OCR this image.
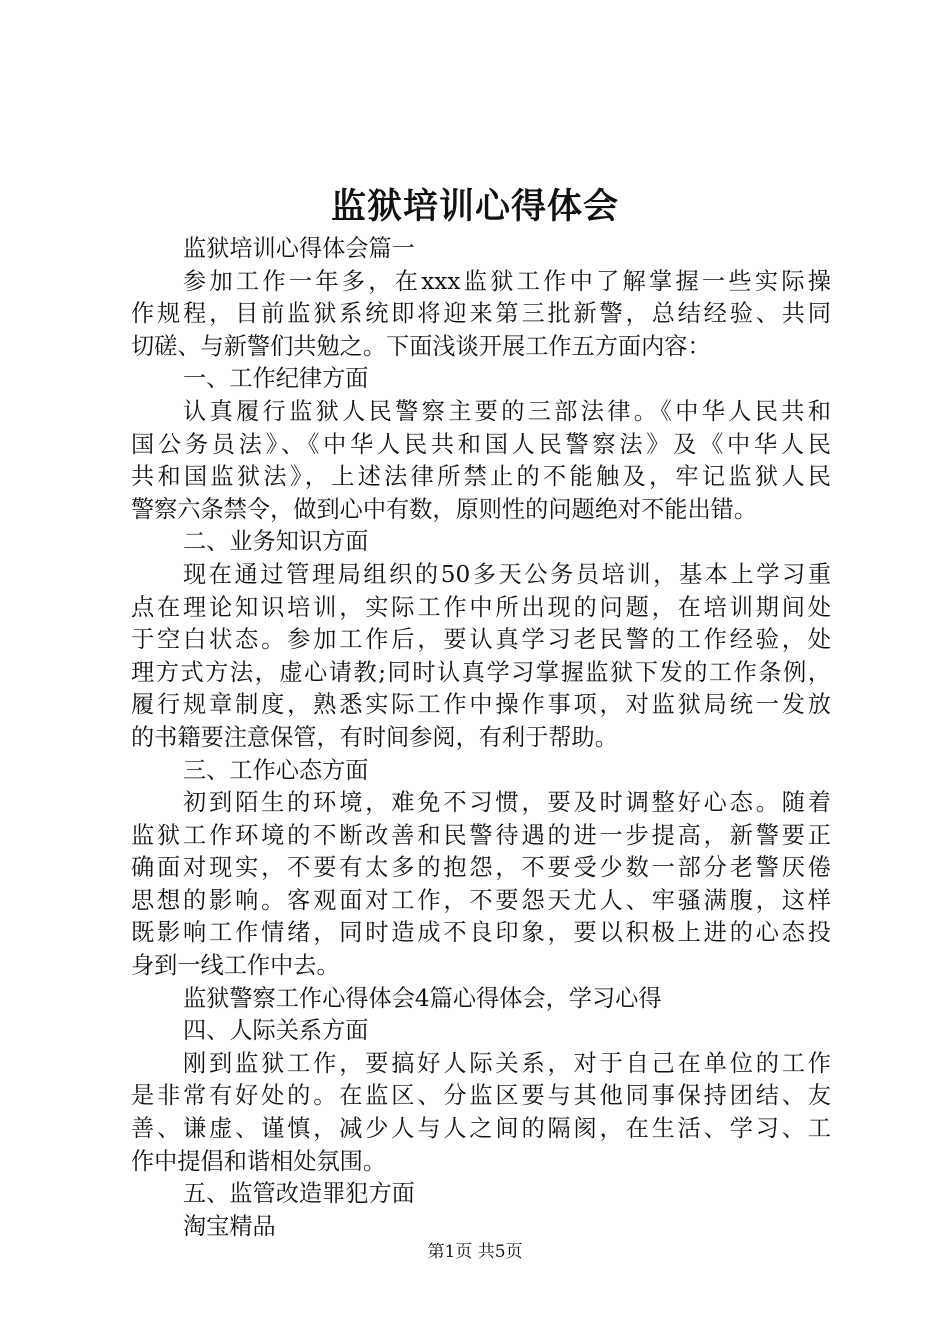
监狱培训心得体会
监狱培训心得体会篇一
参加工作一年多，在xxx监狱工作中了解掌握一些实际操
作规程，目前监狱系统即将迎来第三批新警，总结经验、共同
切磋、与新警们共勉之。下面浅谈开展工作五方面内容：
一、工作纪律方面
认真履行监狱人民警察主要的三部法律。《中华人民共和
国公务员法》、《中华人民共和国人民警察法》及《中华人民
共和国监狱法》，上述法律所禁止的不能触及，牢记监狱人民
警察六条禁令，做到心中有数，原则性的问题绝对不能出错。
二、业务知识方面
现在通过管理局组织的50多天公务员培训，基本上学习重
点在理论知识培训，实际工作中所出现的问题，在培训期间处
于空白状态。参加工作后，要认真学习老民警的工作经验，处
理方式方法，虚心请教;同时认真学习掌握监狱下发的工作条例，
履行规章制度，熟悉实际工作中操作事项，对监狱局统一发放
的书籍要注意保管，有时间参阅，有利于帮助。
三、工作心态方面
初到陌生的环境，难免不习惯，要及时调整好心态。随着
监狱工作环境的不断改善和民警待遇的进一步提高，新警要正
确面对现实，不要有太多的抱怨，不要受少数一部分老警厌倦
思想的影响。客观面对工作，不要怨天尤人、牢骚满腹，这样
既影响工作情绪，同时造成不良印象，要以积极上进的心态投
身到一线工作中去。
监狱警察工作心得体会4篇心得体会，学习心得
四、人际关系方面
刚到监狱工作，要搞好人际关系，对于自己在单位的工作
是非常有好处的。在监区、分监区要与其他同事保持团结、友
善、谦虚、谨慎，减少人与人之间的隔阂，在生活、学习、工
作中提倡和谐相处氛围。
五、监管改造罪犯方面
淘宝精品
第1页 共5页
